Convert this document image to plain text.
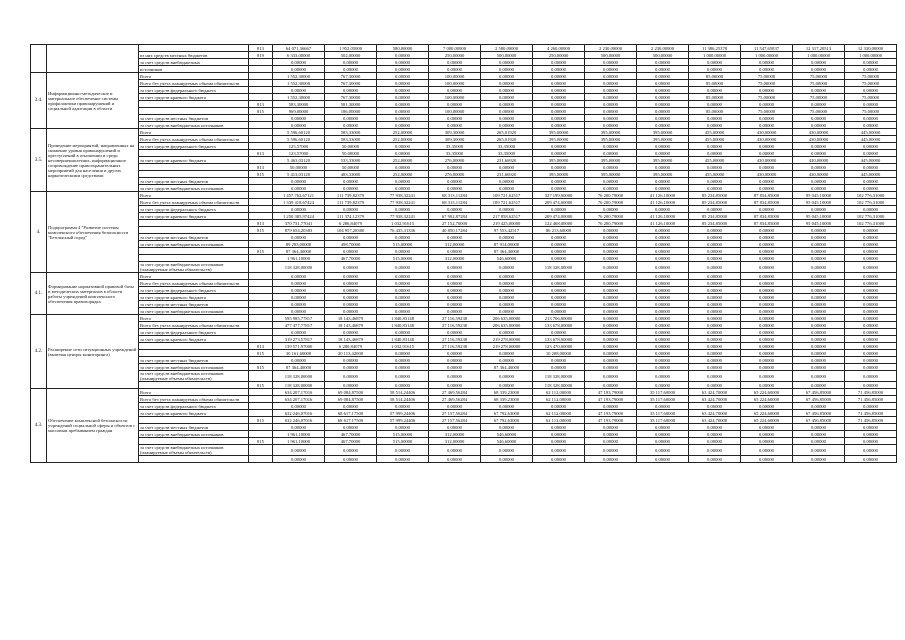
			813	64 071,36667	1 952,05000	580,00000	7 000,00000	2 580,00000	4 260,00000	2 230,00000	2 230,00000	11 386,25378	11 547,65837	12 317,20513	12 330,00000
		из них средств местных бюджетов	819	6 333,00000	502,00000	0,00000	250,00000	500,00000	250,00000	500,00000	500,00000	1 000,00000	1 000,00000	1 000,00000	1 000,00000
		за счет средств внебюджетных		0,00000	0,00000	0,00000	0,00000	0,00000	0,00000	0,00000	0,00000	0,00000	0,00000	0,00000	0,00000
		источников		0,00000	0,00000	0,00000	0,00000	0,00000	0,00000	0,00000	0,00000	0,00000	0,00000	0,00000	0,00000
3.4.	Информационно-методическое и материальное обеспечение системы профилактики правонарушений и социальной адаптации в области	Всего		1 552,30000	767,30000	0,00000	100,00000	0,00000	0,00000	0,00000	0,00000	85,00000	75,00000	75,00000	75,00000
		Всего без учета планируемых объема обязательств		1 552,30000	767,30000	0,00000	100,00000	0,00000	0,00000	0,00000	0,00000	85,00000	75,00000	75,00000	75,00000
		за счет средств федерального бюджета		0,00000	0,00000	0,00000	0,00000	0,00000	0,00000	0,00000	0,00000	0,00000	0,00000	0,00000	0,00000
		за счет средств краевого бюджета		1 552,30000	767,30000	0,00000	100,00000	0,00000	0,00000	0,00000	0,00000	85,00000	75,00000	75,00000	75,00000
			813	583,30000	581,30000	0,00000	0,00000	0,00000	0,00000	0,00000	0,00000	0,00000	0,00000	0,00000	0,00000
			815	969,00000	186,00000	0,00000	100,00000	0,00000	0,00000	0,00000	0,00000	85,00000	75,00000	75,00000	75,00000
		за счет средств местных бюджетов		0,00000	0,00000	0,00000	0,00000	0,00000	0,00000	0,00000	0,00000	0,00000	0,00000	0,00000	0,00000
		за счет средств внебюджетных источников		0,00000	0,00000	0,00000	0,00000	0,00000	0,00000	0,00000	0,00000	0,00000	0,00000	0,00000	0,00000
3.5.	Проведение мероприятий, направленных на снижение уровня правонарушений и преступлений в отношении и среди несовершеннолетних, информационное сопровождение правоохранительных мероприятий для населения и других наркотическими средствами	Всего		5 596,60120	583,33000	252,00000	309,30000	265,01920	395,00000	395,00000	395,00000	455,00000	430,00000	430,00000	445,00000
		Всего без учета планируемых объема обязательств		5 596,60120	583,33000	252,00000	309,30000	265,01920	395,00000	395,00000	395,00000	455,00000	430,00000	430,00000	445,00000
		за счет средств федерального бюджета		125,57000	50,00000	0,00000	33,35000	33,35000	0,00000	0,00000	0,00000	0,00000	0,00000	0,00000	0,00000
			813	123,57000	50,00000	0,00000	33,35000	33,35000	0,00000	0,00000	0,00000	0,00000	0,00000	0,00000	0,00000
		за счет средств краевого бюджета		5 463,03120	533,33000	252,00000	276,00000	231,66920	395,00000	395,00000	395,00000	455,00000	430,00000	430,00000	445,00000
			813	50,00000	50,00000	0,00000	0,00000	0,00000	0,00000	0,00000	0,00000	0,00000	0,00000	0,00000	0,00000
			815	5 413,03120	483,33000	252,00000	276,00000	231,66920	395,00000	395,00000	395,00000	455,00000	430,00000	430,00000	445,00000
		за счет средств местных бюджетов		0,00000	0,00000	0,00000	0,00000	0,00000	0,00000	0,00000	0,00000	0,00000	0,00000	0,00000	0,00000
		за счет средств внебюджетных источников		0,00000	0,00000	0,00000	0,00000	0,00000	0,00000	0,00000	0,00000	0,00000	0,00000	0,00000	0,00000
4.	Подпрограмма 4 "Развитие системы комплексного обеспечения безопасности "Безопасный город"	Всего		1 457 762,67121	111 739,82379	77 938,32241	68 313,11284	109 721,62517	327 199,00000	76 200,79000	41 126,10000	85 234,85000	87 834,85000	95 045,10000	102 776,31000
		Всего без учета планируемых объема обязательств		1 339 418,67424	111 739,82379	77 938,32241	68 313,11284	109 721,62517	209 474,00000	76 200,79000	41 126,10000	85 234,85000	87 834,85000	95 045,10000	102 776,31000
		за счет средств федерального бюджета		0,00000	0,00000	0,00000	0,00000	0,00000	0,00000	0,00000	0,00000	0,00000	0,00000	0,00000	0,00000
		за счет средств краевого бюджета		1 250 385,97424	111 374,12379	77 938,32241	67 902,87284	217 858,62517	209 474,00000	76 200,79000	41 126,10000	85 234,85000	87 834,85000	95 045,10000	102 776,31000
			813	370 731,77041	6 286,84079	1 032,91615	27 152,70000	219 425,00000	122 468,00000	76 200,79000	41 126,10000	85 234,85000	87 834,85000	95 045,10000	102 776,31000
			815	879 654,20383	104 957,28300	76 435,31336	40 850,17284	97 553,42517	86 213,60000	0,00000	0,00000	0,00000	0,00000	0,00000	0,00000
		за счет средств местных бюджетов		0,00000	0,00000	0,00000	0,00000	0,00000	0,00000	0,00000	0,00000	0,00000	0,00000	0,00000	0,00000
		за счет средств внебюджетных источников		89 293,00000	498,70000	515,00000	312,00000	87 914,00000	0,00000	0,00000	0,00000	0,00000	0,00000	0,00000	0,00000
			815	87 364,40000	0,00000	0,00000	0,00000	87 364,40000	0,00000	0,00000	0,00000	0,00000	0,00000	0,00000	0,00000
				1 961,10000	467,70000	515,00000	312,00000	546,60000	0,00000	0,00000	0,00000	0,00000	0,00000	0,00000	0,00000
		за счет средств внебюджетных источников (планируемые объемы обязательств)		118 328,00000	0,00000	0,00000	0,00000	0,00000	118 328,00000	0,00000	0,00000	0,00000	0,00000	0,00000	0,00000
4.1.	Формирование нормативной правовой базы и методических материалов в области работы учреждений комплексного обеспечения правопорядка	Всего		0,00000	0,00000	0,00000	0,00000	0,00000	0,00000	0,00000	0,00000	0,00000	0,00000	0,00000	0,00000
		Всего без учета планируемых объема обязательств		0,00000	0,00000	0,00000	0,00000	0,00000	0,00000	0,00000	0,00000	0,00000	0,00000	0,00000	0,00000
		за счет средств федерального бюджета		0,00000	0,00000	0,00000	0,00000	0,00000	0,00000	0,00000	0,00000	0,00000	0,00000	0,00000	0,00000
		за счет средств краевого бюджета		0,00000	0,00000	0,00000	0,00000	0,00000	0,00000	0,00000	0,00000	0,00000	0,00000	0,00000	0,00000
		за счет средств местных бюджетов		0,00000	0,00000	0,00000	0,00000	0,00000	0,00000	0,00000	0,00000	0,00000	0,00000	0,00000	0,00000
		за счет средств внебюджетных источников		0,00000	0,00000	0,00000	0,00000	0,00000	0,00000	0,00000	0,00000	0,00000	0,00000	0,00000	0,00000
4.2.	Расширение сети ситуационных учреждений (включая центры мониторинга)	Всего		595 985,77817	18 143,46879	1 840,83148	27 116,59238	206 635,00000	213 706,00000	0,00000	0,00000	0,00000	0,00000	0,00000	0,00000
		Всего без учета планируемых объема обязательств		477 477,77817	18 143,46879	1 840,83148	27 116,59238	206 635,00000	133 678,00000	0,00000	0,00000	0,00000	0,00000	0,00000	0,00000
		за счет средств федерального бюджета		0,00000	0,00000	0,00000	0,00000	0,00000	0,00000	0,00000	0,00000	0,00000	0,00000	0,00000	0,00000
		за счет средств краевого бюджета		319 273,57817	18 143,46879	1 840,83148	27 116,59238	219 278,00000	133 678,00000	0,00000	0,00000	0,00000	0,00000	0,00000	0,00000
			813	139 571,97000	6 280,84079	1 032,91615	27 116,59238	219 278,00000	123 470,00000	0,00000	0,00000	0,00000	0,00000	0,00000	0,00000
			815	30 161,60000	20 113,42000	0,00000	0,00000	0,00000	10 208,00000	0,00000	0,00000	0,00000	0,00000	0,00000	0,00000
		за счет средств местных бюджетов		0,00000	0,00000	0,00000	0,00000	0,00000	0,00000	0,00000	0,00000	0,00000	0,00000	0,00000	0,00000
		за счет средств внебюджетных источников	815	87 364,40000	0,00000	0,00000	0,00000	87 364,40000	0,00000	0,00000	0,00000	0,00000	0,00000	0,00000	0,00000
		за счет средств внебюджетных источников (планируемые объемы обязательств)		118 328,00000	0,00000	0,00000	0,00000	0,00000	118 328,00000	0,00000	0,00000	0,00000	0,00000	0,00000	0,00000
			815	118 328,00000	0,00000	0,00000	0,00000	0,00000	118 328,00000	0,00000	0,00000	0,00000	0,00000	0,00000	0,00000
4.3.	Обеспечение комплексной безопасности учреждений социальной сферы и объектов с массовым пребыванием граждан	Всего		634 207,17016	69 084,87500	58 514,24406	27 469,56284	68 339,23000	62 112,00000	47 193,79000	35 117,60000	63 424,70000	65 224,60000	67 456,85000	71 456,85000
		Всего без учета планируемых объема обязательств		634 207,17016	69 084,87500	58 514,24406	27 469,56284	68 339,23000	62 112,00000	47 193,79000	35 117,60000	63 424,70000	65 224,60000	67 456,85000	71 456,85000
		за счет средств федерального бюджета		0,00000	0,00000	0,00000	0,00000	0,00000	0,00000	0,00000	0,00000	0,00000	0,00000	0,00000	0,00000
		за счет средств краевого бюджета		632 246,07016	68 617,17500	57 999,24406	27 157,56284	67 792,63000	62 112,00000	47 193,79000	35 117,60000	63 424,70000	65 224,60000	67 456,85000	71 456,85000
			815	632 246,07016	68 617,17500	57 999,24406	27 157,56284	67 792,63000	62 112,00000	47 193,79000	35 117,60000	63 424,70000	65 224,60000	67 456,85000	71 456,85000
		за счет средств местных бюджетов		0,00000	0,00000	0,00000	0,00000	0,00000	0,00000	0,00000	0,00000	0,00000	0,00000	0,00000	0,00000
		за счет средств внебюджетных источников		1 961,10000	467,70000	515,00000	312,00000	546,60000	0,00000	0,00000	0,00000	0,00000	0,00000	0,00000	0,00000
			815	1 961,10000	467,70000	515,00000	312,00000	546,60000	0,00000	0,00000	0,00000	0,00000	0,00000	0,00000	0,00000
		за счет средств внебюджетных источников (планируемые объемы обязательств)		0,00000	0,00000	0,00000	0,00000	0,00000	0,00000	0,00000	0,00000	0,00000	0,00000	0,00000	0,00000
				0,00000	0,00000	0,00000	0,00000	0,00000	0,00000	0,00000	0,00000	0,00000	0,00000	0,00000	0,00000
